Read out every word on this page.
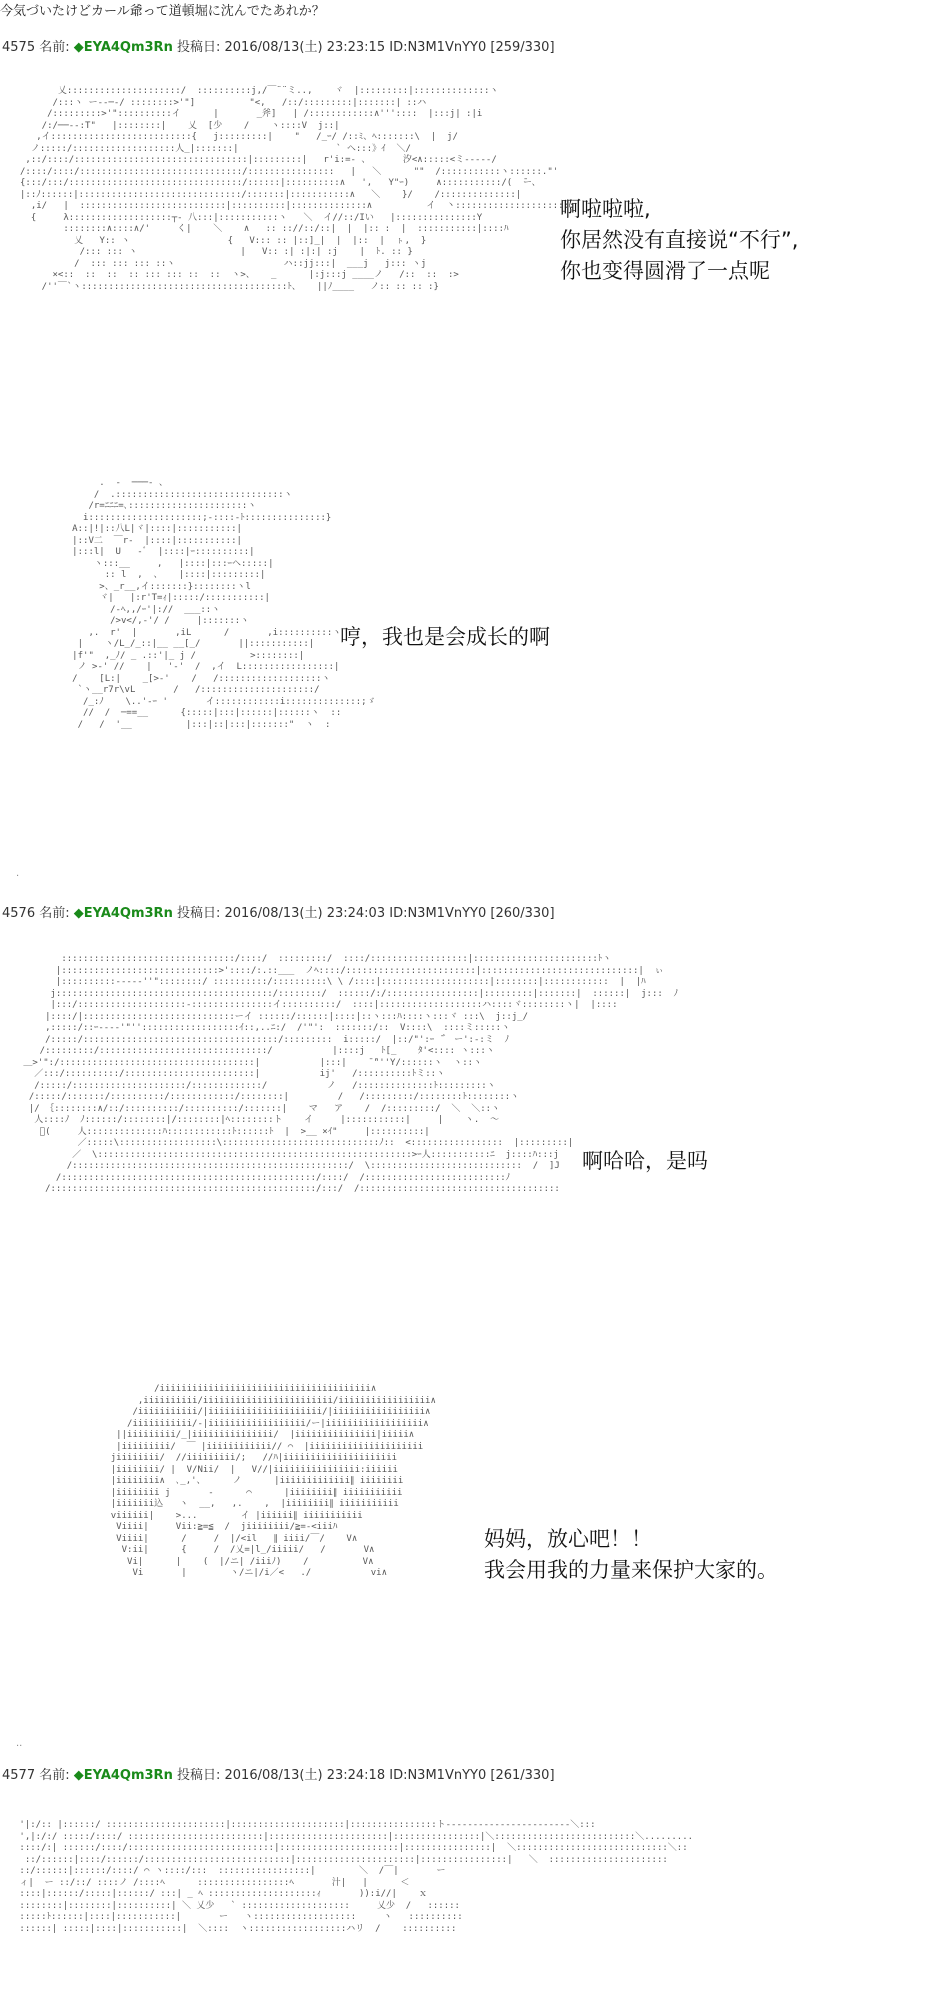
今気づいたけどカール爺って道頓堀に沈んでたあれか？
4575 名前: ◆EYA4Qm3Rn 投稿日: 2016/08/13(土) 23:23:15 ID:N3M1VnYY0 [259/330]
乂:::::::::::::::::::::/  ::::::::::j,/￣¨¨ミ..,    ヾ  |:::::::::|::::::::::::::ヽ
/:::ヽ ー‐‐─‐/ ::::::::>'"]          "<,   /::/:::::::::|:::::::| ::ハ
/:::::::::>'"::::::::::イ      |       _斧]   | /::::::::::::∧'''::::  |:::j| :|i
/:/──‐‐:T"   |::::::::|    乂  [少    /    ヽ::::V  j::|
,イ::::::::::::::::::::::::::{   j:::::::::|    "   /_ｰ/ /::ﾐ、ﾍ:::::::\  |  j/
ノ:::::/:::::::::::::::::::人_|:::::::|                  ` ヘ:::》ｲ  ＼/
,::/::::/::::::::::::::::::::::::::::::::|:::::::::|   r'i:=- 、      汐<∧:::::<ミ-----/
/::::/::::/::::::::::::::::::::::::::::::/::::::::::::::::   |   ＼      ""  /:::::::::::ヽ::::::."'
{:::/:::/::::::::::::::::::::::::::::::::/::::::|::::::::::∧   ',   Y"ｰ)     ∧:::::::::::/(  ̄ー、
|::ﾉ::::::|::::::::::::::::::::::::::::::/:::::::|:::::::::::∧   ＼    }/    /::::::::::::::|
,i/   |  :::::::::::::::::::::::::::|::::::::::|::::::::::::::∧          イ  丶::::::::::::::::::::::
{     λ:::::::::::::::::::┬‐ 八:::|:::::::::::ヽ   ＼  イ//::/Iい   |:::::::::::::::Y
::::::::∧::::∧/'     く|    ＼    ∧   :: :://::/::|  |  |:: :  |  :::::::::::|::::ﾊ
乂   Y:: ヽ                  {   V::: :: |::]_|  |  |::  |  ㇳ,  }
/::: ::: ヽ                   |   V:: :| :|:| :j    |  ﾄ. :: }
/  ::: ::: ::: ::ヽ                    ハ::jj:::|  ___j   j::: ヽj
×<::  ::  ::  :: ::: ::: ::  ::  ヽ>、   _      |:j:::j ____ノ   /::  ::  :>
/''￣`ヽ::::::::::::::::::::::::::::::::::::::ﾄ、   ||ﾉ____   ノ:: :: :: :}
啊啦啦啦,
你居然没有直接说“不行”,
你也变得圆滑了一点呢
.  -  ───- 、
/  .:::::::::::::::::::::::::::::::ヽ
/r=ﾆﾆﾆ=､::::::::::::::::::::::ヽ
i:::::::::::::::::::::;-::::-ﾄ:::::::::::::::}
A::|!|::八L|ヾ|::::|:::::::::::|
|::V二  ￣r-  |::::|:::::::::::|
|:::l|  U   -ﾞ  |::::|ｰ::::::::::|
ヽ:::__     ,   |::::|:::ｰヘ:::::|
:: l  ,  、   |::::|:::::::::|
>、_r__,イ:::::::}::::::::ヽl
ヾ|   |:r'T=ｨ|:::::/:::::::::::|
/-ﾍ,,/ｰ'|://  ___::ヽ
/>v</,-'/ /     |:::::::ヽ
,.  r'  |       ,iL      /       ,i::::::::::ヽ
|    ヽ/L_/_::|__ __[_/       ||:::::::::::|
|f'"  ,_ﾉ/ _ .::'|_ j /          >::::::::|
ノ >-' //    |   '-'  /  ,イ  L:::::::::::::::::|
/    [L:|    _[>-'    /   /:::::::::::::::::::ヽ
`ヽ__r7r\vL       /   /:::::::::::::::::::::/
/_:ﾉ    \..'‐ｰ '       イ::::::::::::i::::::::::::::;ゞ
//  /  ─==__      {:::::|:::|::::::|::::::ヽ  ::
/   /  '__          |:::|::|:::|:::::::"  ヽ  :
哼，我也是会成长的啊
.
4576 名前: ◆EYA4Qm3Rn 投稿日: 2016/08/13(土) 23:24:03 ID:N3M1VnYY0 [260/330]
::::::::::::::::::::::::::::::::/::::/  :::::::::/  ::::/::::::::::::::::::|:::::::::::::::::::::::ﾄヽ
|:::::::::::::::::::::::::::::>'::::/:.::___  ノﾍ::::/::::::::::::::::::::::::|:::::::::::::::::::::::::::::|  ぃ
|::::::::::-----''"::::::::/ ::::::::::/::::::::::\ \ /::::|::::::::::::::::::::|::::::::|::::::::::::  |  |ﾊ
j::::::::::::::::::::::::::::::::::::::::/::::::::/  ::::::/:/:::::::::::::::::|:::::::::|:::::::|  ::::::|  j:::  ﾉ
|:::/::::::::::::::::::::-:::::::::::::::イ::::::::::/  ::::|:::::::::::::::::::ハ::::ヾ::::::::ヽ|  |::::
|::::/|::::::::::::::::::::::::::::ーイ ::::::/::::::|::::|::ヽ:::ﾊ::::ヽ:::ヾ :::\  j::j_/
,:::::/::ｰ--‐‐'"''::::::::::::::::::ｲ::,..ﾆ:/  /'"':  :::::::/::  V::::\  ::::ミ:::::ヽ
/:::::/::::::::::::::::::::::::::::::::::::/:::::::::  i:::::/  |::/"':ｰ ̄｀ ー':-:ミ  ﾉ
/:::::::::/:::::::::::::::::::::::::::::::/           |::::j   ﾄ[_    ﾀ'<:::: ヽ:::ヽ
＿>'":/::::::::::::::::::::::::::::::::::::|           |:::|    ̄ ̄"''Y/::::::ヽ  ヽ::ヽ
／:::/::::::::::/::::::::::::::::::::::::|           ij'   /::::::::::ﾄミ::ヽ
/:::::/:::::::::::::::::::::/:::::::::::::/           ノ   /::::::::::::::ﾄ:::::::::ヽ
/:::::/:::::::/::::::::::/::::::::::::/::::::::|         /   /:::::::::/::::::::ﾄ::::::::ヽ
|/ ｛::::::::∧/::/::::::::::/::::::::::/:::::::|    マ   ア    /  /:::::::::/  ＼  ＼::ヽ
人::::ﾉ  ﾉ::::::/::::::::|/::::::::|ﾍ::::::::ト    イ     |:::::::::::|     |    ヽ.  ～
ﾞ(     人::::::::::::::ﾊ::::::::::::ﾄ::::::ﾄ  |  >__ ×ｲ"     |::::::::::|
／:::::\::::::::::::::::::\:::::::::::::::::::::::::::::ﾉ::  <:::::::::::::::::  |:::::::::|
／  \::::::::::::::::::::::::::::::::::::::::::::::::::::::::::>ｰ人:::::::::::ﾆ  j::::ﾊ:::j
/:::::::::::::::::::::::::::::::::::::::::::::::::::/  \::::::::::::::::::::::::::::  /  ]J
/:::::::::::::::::::::::::::::::::::::::::::::::/::::/  /::::::::::::::::::::::::::ﾉ
/:::::::::::::::::::::::::::::::::::::::::::::::::/:::/  /:::::::::::::::::::::::::::::::::::::
啊哈哈，是吗
/iiiiiiiiiiiiiiiiiiiiiiiiiiiiiiiiiiiiiii∧
,iiiiiiiiii/iiiiiiiiiiiiiiiiiiiiiiii/iiiiiiiiiiiiiiiii∧
/iiiiiiiiiii/|iiiiiiiiiiiiiiiiiiiii/|iiiiiiiiiiiiiiiii∧
/iiiiiiiiiii/-|iiiiiiiiiiiiiiiiii/ー|iiiiiiiiiiiiiiiiii∧
||iiiiiiiii/_|iiiiiiiiiiiiiii/  |iiiiiiiiiiiiiii|iiiii∧
|iiiiiiiii/  ￣ |iiiiiiiiiiii// ⌒  |iiiiiiiiiiiiiiiiiiiii
jiiiiiiii/  //iiiiiiiii/;   //ﾊ|iiiiiiiiiiiiiiiiiiiii
|iiiiiiii/ |  V/Nii/  |   V//|iiiiiiiiiiiiiiii:iiiiii
|iiiiiiii∧  ､_,'、     ノ      |iiiiiiiiiiiii∥ iiiiiiii
|iiiiiiii j       -      ⌒      |iiiiiiii∥ iiiiiiiiiii
|iiiiiii込   ヽ  __,   ,.    ,  |iiiiiiii∥ iiiiiiiiiii
viiiiii|    >...        イ |iiiiii∥ iiiiiiiiiii
Viiii|     Vii:≧=≦  /  jiiiiiiii/≧=-<iiiﾊ
Viiii|      /     /  |/<il   ∥ iiii/￣/    V∧
V:ii|      {     /  /乂=|l_/iiiii/   /       V∧
Vi|      |    (  |/ニ| /iiiﾉ)    /          V∧
Vi       |        ヽ/ニ|/i／<   ./           vi∧
妈妈，放心吧！！
我会用我的力量来保护大家的。
..
4577 名前: ◆EYA4Qm3Rn 投稿日: 2016/08/13(土) 23:24:18 ID:N3M1VnYY0 [261/330]
'|:/:: |::::::/ ::::::::::::::::::::::|:::::::::::::::::::::|::::::::::::::::ト‐‐‐‐‐‐‐‐‐‐‐‐‐‐‐‐‐‐‐‐‐‐‐＼:::
',|:/:/ :::::/::::/ :::::::::::::::::::::::::|::::::::::::::::::::::|::::::::::::::::|＼::::::::::::::::::::::::::＼.........
::::/:| ::::::/::::/:::::::::::::::::::::::::::|::::::::::::::::::::::|::::::::::::::::|  ＼::::::::::::::::::::::::::::＼::
::/::::::|::::/::::::/:::::::::::::::::::::::::::|::::::::::::::::::::::|::::::::::::::::|   ＼  ::::::::::::::::::::::
::/::::::|::::::/::::/ ⌒ ヽ::::/:::  :::::::::::::::::|        ＼  /￣|       ー
ィ|  ー ::/::/ ::::ノ /::::ﾍ      :::::::::::::::::ﾍ       汁|   |      ＜
::::|::::::/:::::|::::::/ :::| _ ﾍ ::::::::::::::::::::ｨ       )):i//|    ｘ
::::::::|::::::::|::::::::::| ＼ 乂少   ` ::::::::::::::::::::     乂少  /   ::::::
:::::ﾄ::::::|::::|:::::::::::|       ー   ヽ:::::::::::::::::::     ヽ   ::::::::::
::::::| :::::|::::|:::::::::::|  ＼::::  ヽ::::::::::::::::::ハリ  /    ::::::::::
